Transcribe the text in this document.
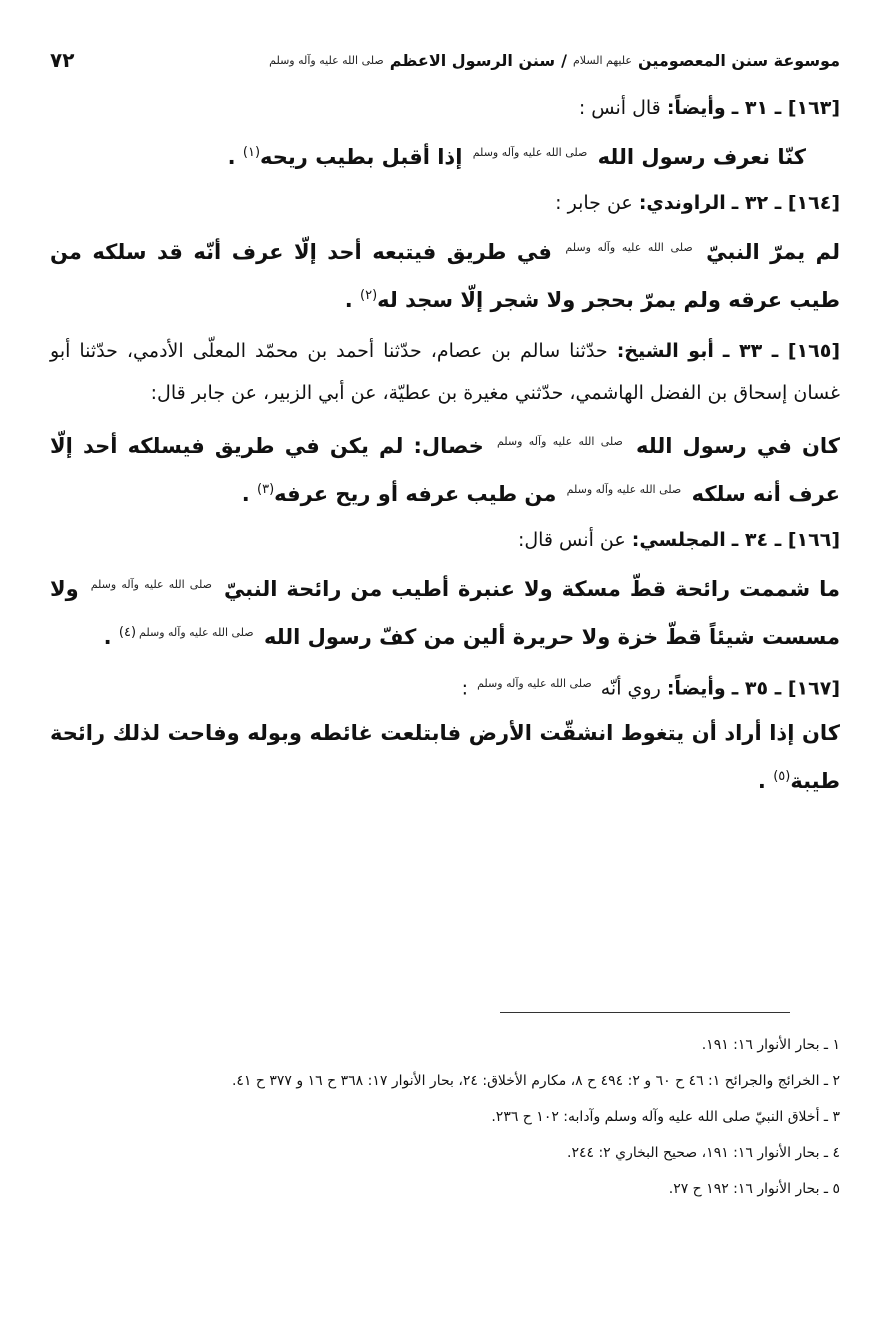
موسوعة سنن المعصومين
عليهم السلام
/
سنن الرسول الاعظم
صلى الله عليه وآله وسلم
٧٢

[١٦٣] ـ ٣١ ـ وأيضاً: قال أنس :

كنّا نعرف رسول الله $^{صلى الله عليه وآله وسلم}$ إذا أقبل بطيب ريحه$^{(١)}$ .

[١٦٤] ـ ٣٢ ـ الراوندي: عن جابر :

لم يمرّ النبيّ $^{صلى الله عليه وآله وسلم}$ في طريق فيتبعه أحد إلّا عرف أنّه قد سلكه من طيب عرقه ولم يمرّ بحجر ولا شجر إلّا سجد له$^{(٢)}$ .

[١٦٥] ـ ٣٣ ـ أبو الشيخ: حدّثنا سالم بن عصام، حدّثنا أحمد بن محمّد المعلّى الأدمي، حدّثنا أبو غسان إسحاق بن الفضل الهاشمي، حدّثني مغيرة بن عطيّة، عن أبي الزبير، عن جابر قال:

كان في رسول الله $^{صلى الله عليه وآله وسلم}$ خصال: لم يكن في طريق فيسلكه أحد إلّا عرف أنه سلكه $^{صلى الله عليه وآله وسلم}$ من طيب عرفه أو ريح عرفه$^{(٣)}$ .

[١٦٦] ـ ٣٤ ـ المجلسي: عن أنس قال:

ما شممت رائحة قطّ مسكة ولا عنبرة أطيب من رائحة النبيّ $^{صلى الله عليه وآله وسلم}$ ولا مسست شيئاً قطّ خزة ولا حريرة ألين من كفّ رسول الله $^{صلى الله عليه وآله وسلم(٤)}$ .

[١٦٧] ـ ٣٥ ـ وأيضاً: روي أنّه $^{صلى الله عليه وآله وسلم}$ :

كان إذا أراد أن يتغوط انشقّت الأرض فابتلعت غائطه وبوله وفاحت لذلك رائحة طيبة$^{(٥)}$ .

١ ـ بحار الأنوار ١٦: ١٩١.

٢ ـ الخرائج والجرائح ١: ٤٦ ح ٦٠ و ٢: ٤٩٤ ح ٨، مكارم الأخلاق: ٢٤، بحار الأنوار ١٧: ٣٦٨ ح ١٦ و ٣٧٧ ح ٤١.

٣ ـ أخلاق النبيّ صلى الله عليه وآله وسلم وآدابه: ١٠٢ ح ٢٣٦.

٤ ـ بحار الأنوار ١٦: ١٩١، صحيح البخاري ٢: ٢٤٤.

٥ ـ بحار الأنوار ١٦: ١٩٢ ح ٢٧.
